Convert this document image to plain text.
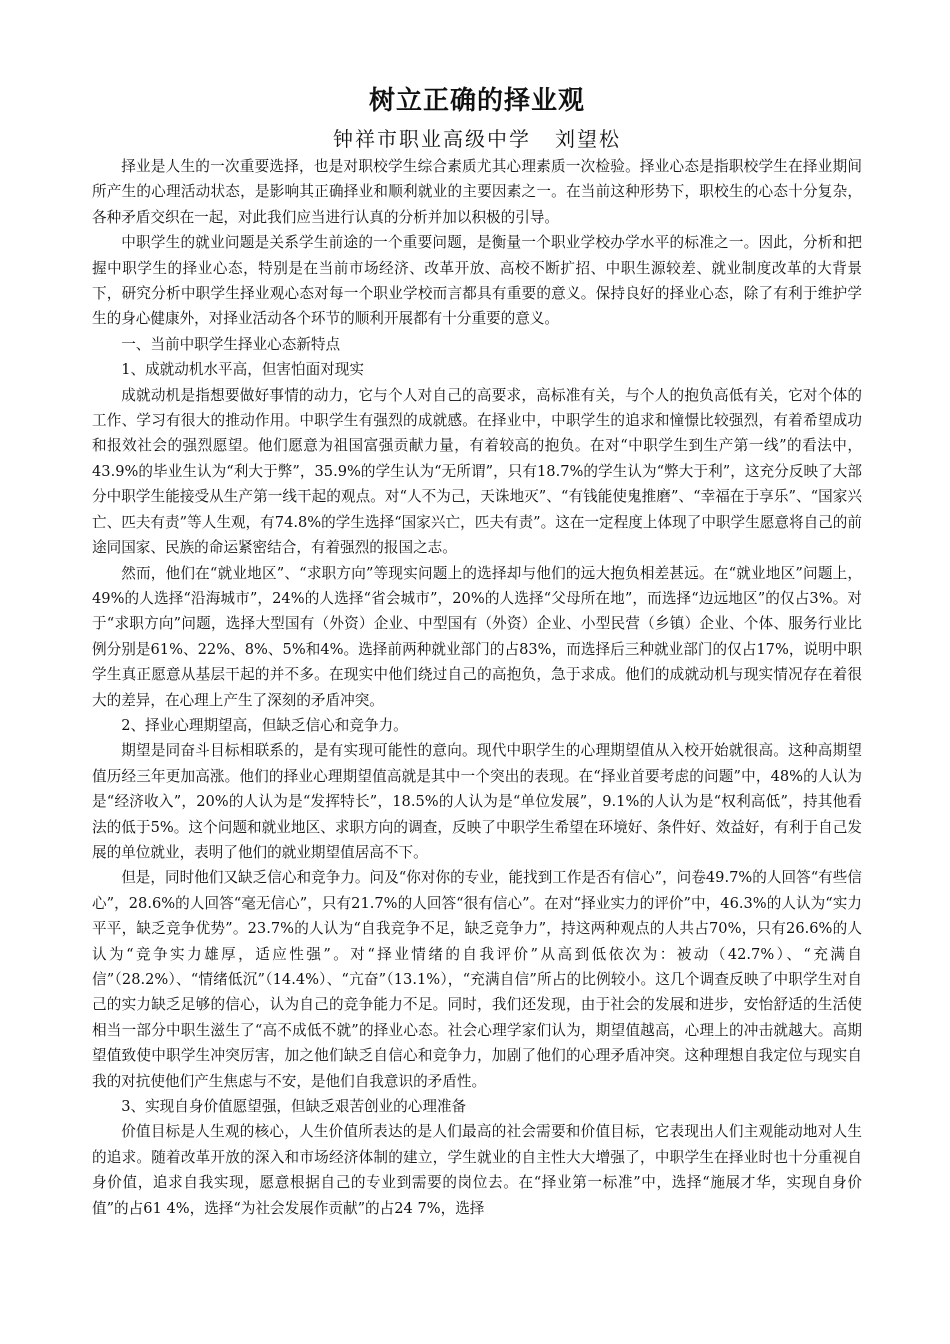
树立正确的择业观
钟祥市职业高级中学 刘望松

择业是人生的一次重要选择，也是对职校学生综合素质尤其心理素质一次检验。择业心态是指职校学生在择业期间所产生的心理活动状态，是影响其正确择业和顺利就业的主要因素之一。在当前这种形势下，职校生的心态十分复杂，各种矛盾交织在一起，对此我们应当进行认真的分析并加以积极的引导。

中职学生的就业问题是关系学生前途的一个重要问题，是衡量一个职业学校办学水平的标准之一。因此，分析和把握中职学生的择业心态，特别是在当前市场经济、改革开放、高校不断扩招、中职生源较差、就业制度改革的大背景下，研究分析中职学生择业观心态对每一个职业学校而言都具有重要的意义。保持良好的择业心态，除了有利于维护学生的身心健康外，对择业活动各个环节的顺利开展都有十分重要的意义。

一、当前中职学生择业心态新特点

1、成就动机水平高，但害怕面对现实

成就动机是指想要做好事情的动力，它与个人对自己的高要求，高标准有关，与个人的抱负高低有关，它对个体的工作、学习有很大的推动作用。中职学生有强烈的成就感。在择业中，中职学生的追求和憧憬比较强烈，有着希望成功和报效社会的强烈愿望。他们愿意为祖国富强贡献力量，有着较高的抱负。在对“中职学生到生产第一线”的看法中，43.9%的毕业生认为“利大于弊”，35.9%的学生认为“无所谓”，只有18.7%的学生认为“弊大于利”，这充分反映了大部分中职学生能接受从生产第一线干起的观点。对“人不为己，天诛地灭”、“有钱能使鬼推磨”、“幸福在于享乐”、“国家兴亡、匹夫有责”等人生观，有74.8%的学生选择“国家兴亡，匹夫有责”。这在一定程度上体现了中职学生愿意将自己的前途同国家、民族的命运紧密结合，有着强烈的报国之志。

然而，他们在“就业地区”、“求职方向”等现实问题上的选择却与他们的远大抱负相差甚远。在“就业地区”问题上，49%的人选择“沿海城市”，24%的人选择“省会城市”，20%的人选择“父母所在地”，而选择“边远地区”的仅占3%。对于“求职方向”问题，选择大型国有（外资）企业、中型国有（外资）企业、小型民营（乡镇）企业、个体、服务行业比例分别是61%、22%、8%、5%和4%。选择前两种就业部门的占83%，而选择后三种就业部门的仅占17%，说明中职学生真正愿意从基层干起的并不多。在现实中他们绕过自己的高抱负，急于求成。他们的成就动机与现实情况存在着很大的差异，在心理上产生了深刻的矛盾冲突。

2、择业心理期望高，但缺乏信心和竞争力。

期望是同奋斗目标相联系的，是有实现可能性的意向。现代中职学生的心理期望值从入校开始就很高。这种高期望值历经三年更加高涨。他们的择业心理期望值高就是其中一个突出的表现。在“择业首要考虑的问题”中，48%的人认为是“经济收入”，20%的人认为是“发挥特长”，18.5%的人认为是“单位发展”，9.1%的人认为是“权利高低”，持其他看法的低于5%。这个问题和就业地区、求职方向的调查，反映了中职学生希望在环境好、条件好、效益好，有利于自己发展的单位就业，表明了他们的就业期望值居高不下。

但是，同时他们又缺乏信心和竞争力。问及“你对你的专业，能找到工作是否有信心”，问卷49.7%的人回答“有些信心”，28.6%的人回答“毫无信心”，只有21.7%的人回答“很有信心”。在对“择业实力的评价”中，46.3%的人认为“实力平平，缺乏竞争优势”。23.7%的人认为“自我竞争不足，缺乏竞争力”，持这两种观点的人共占70%，只有26.6%的人认为“竞争实力雄厚，适应性强”。对“择业情绪的自我评价”从高到低依次为：被动（42.7%）、“充满自信”（28.2%）、“情绪低沉”（14.4%）、“亢奋”（13.1%），“充满自信”所占的比例较小。这几个调查反映了中职学生对自己的实力缺乏足够的信心，认为自己的竞争能力不足。同时，我们还发现，由于社会的发展和进步，安怡舒适的生活使相当一部分中职生滋生了“高不成低不就”的择业心态。社会心理学家们认为，期望值越高，心理上的冲击就越大。高期望值致使中职学生冲突厉害，加之他们缺乏自信心和竞争力，加剧了他们的心理矛盾冲突。这种理想自我定位与现实自我的对抗使他们产生焦虑与不安，是他们自我意识的矛盾性。

3、实现自身价值愿望强，但缺乏艰苦创业的心理准备

价值目标是人生观的核心，人生价值所表达的是人们最高的社会需要和价值目标，它表现出人们主观能动地对人生的追求。随着改革开放的深入和市场经济体制的建立，学生就业的自主性大大增强了，中职学生在择业时也十分重视自身价值，追求自我实现，愿意根据自己的专业到需要的岗位去。在“择业第一标准”中，选择“施展才华，实现自身价值”的占61 4%，选择“为社会发展作贡献”的占24 7%，选择
